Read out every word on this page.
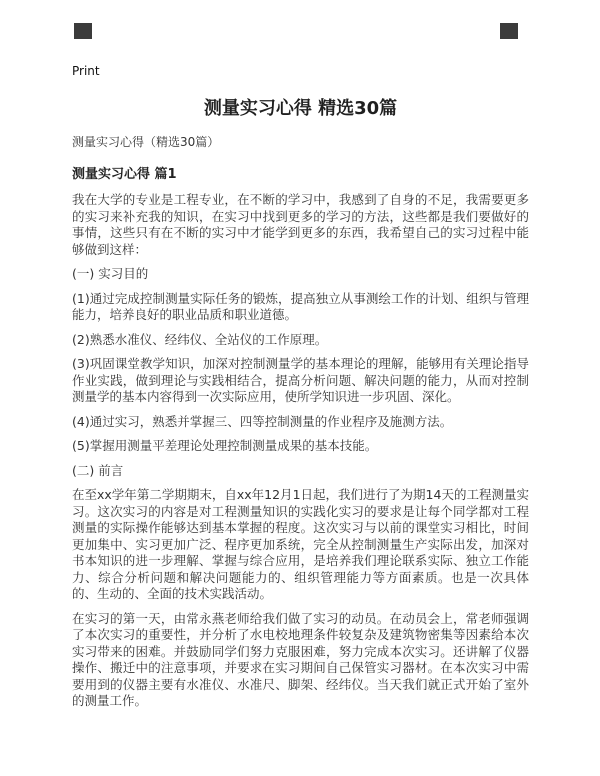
Print
测量实习心得 精选30篇
测量实习心得（精选30篇）
测量实习心得 篇1

我在大学的专业是工程专业，在不断的学习中，我感到了自身的不足，我需要更多的实习来补充我的知识，在实习中找到更多的学习的方法，这些都是我们要做好的事情，这些只有在不断的实习中才能学到更多的东西，我希望自己的实习过程中能够做到这样：

(一) 实习目的

(1)通过完成控制测量实际任务的锻炼，提高独立从事测绘工作的计划、组织与管理能力，培养良好的职业品质和职业道德。

(2)熟悉水准仪、经纬仪、全站仪的工作原理。

(3)巩固课堂教学知识，加深对控制测量学的基本理论的理解，能够用有关理论指导作业实践，做到理论与实践相结合，提高分析问题、解决问题的能力，从而对控制测量学的基本内容得到一次实际应用，使所学知识进一步巩固、深化。

(4)通过实习，熟悉并掌握三、四等控制测量的作业程序及施测方法。

(5)掌握用测量平差理论处理控制测量成果的基本技能。

(二) 前言

在至xx学年第二学期期末，自xx年12月1日起，我们进行了为期14天的工程测量实习。这次实习的内容是对工程测量知识的实践化实习的要求是让每个同学都对工程测量的实际操作能够达到基本掌握的程度。这次实习与以前的课堂实习相比，时间更加集中、实习更加广泛、程序更加系统，完全从控制测量生产实际出发，加深对书本知识的进一步理解、掌握与综合应用，是培养我们理论联系实际、独立工作能力、综合分析问题和解决问题能力的、组织管理能力等方面素质。也是一次具体的、生动的、全面的技术实践活动。

在实习的第一天，由常永燕老师给我们做了实习的动员。在动员会上，常老师强调了本次实习的重要性，并分析了水电校地理条件较复杂及建筑物密集等因素给本次实习带来的困难。并鼓励同学们努力克服困难，努力完成本次实习。还讲解了仪器操作、搬迁中的注意事项，并要求在实习期间自己保管实习器材。在本次实习中需要用到的仪器主要有水准仪、水准尺、脚架、经纬仪。当天我们就正式开始了室外的测量工作。
